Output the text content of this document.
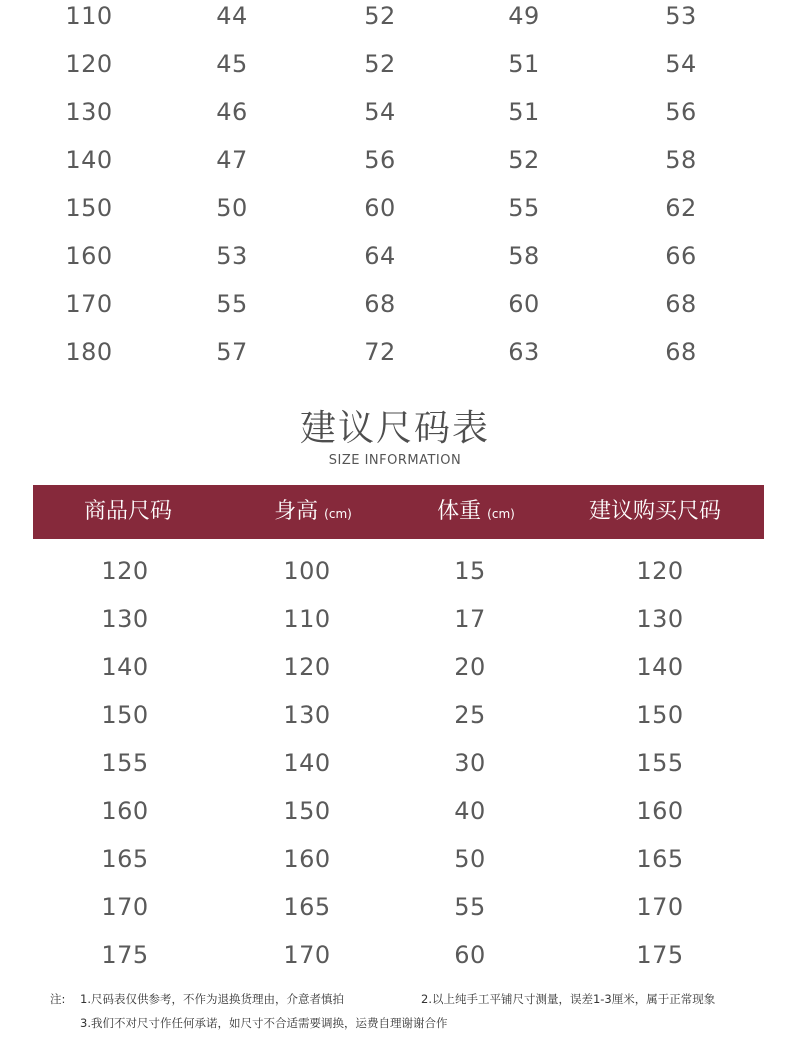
110	44	52	49	53
120	45	52	51	54
130	46	54	51	56
140	47	56	52	58
150	50	60	55	62
160	53	64	58	66
170	55	68	60	68
180	57	72	63	68
建议尺码表
SIZE INFORMATION
商品尺码	身高 (cm)	体重 (cm)	建议购买尺码
120	100	15	120
130	110	17	130
140	120	20	140
150	130	25	150
155	140	30	155
160	150	40	160
165	160	50	165
170	165	55	170
175	170	60	175
注: 1.尺码表仅供参考，不作为退换货理由，介意者慎拍	2.以上纯手工平铺尺寸测量，误差1-3厘米，属于正常现象
3.我们不对尺寸作任何承诺，如尺寸不合适需要调换，运费自理谢谢合作
